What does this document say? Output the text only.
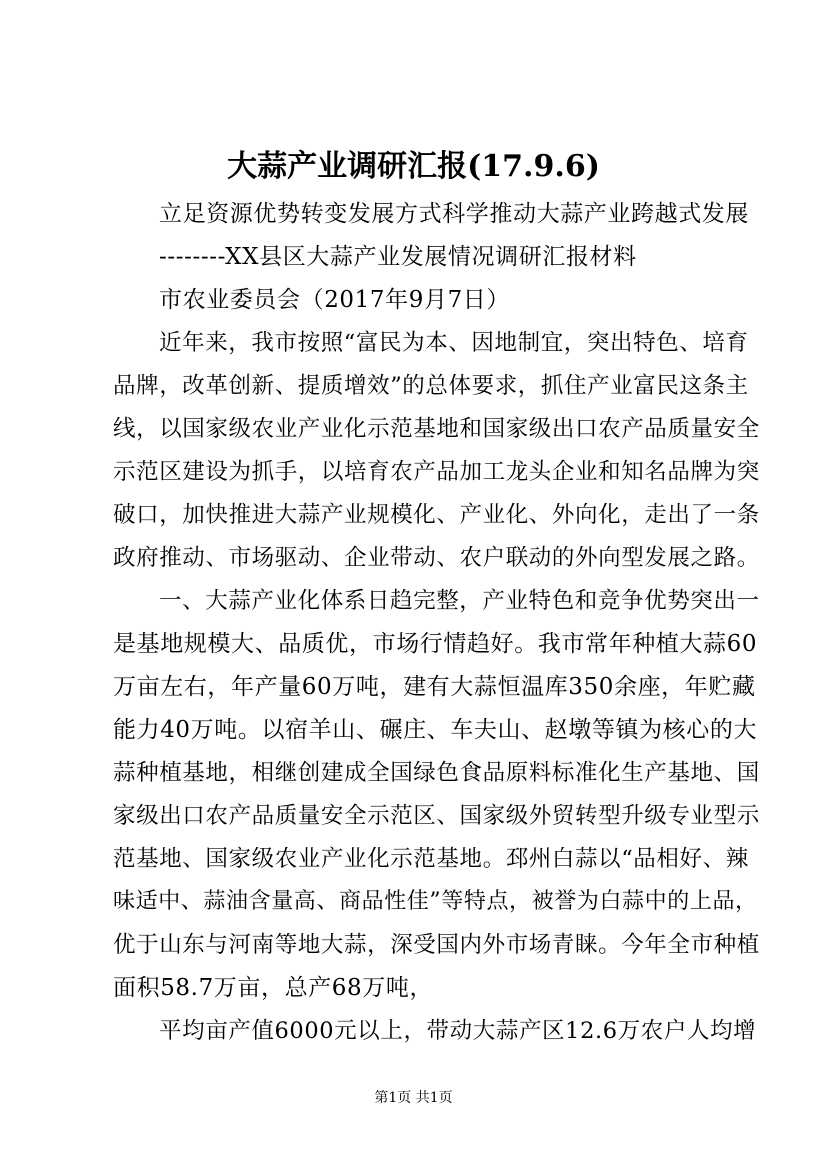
大蒜产业调研汇报(17.9.6)
立足资源优势转变发展方式科学推动大蒜产业跨越式发展
--------XX县区大蒜产业发展情况调研汇报材料
市农业委员会（2017年9月7日）
近年来，我市按照“富民为本、因地制宜，突出特色、培育
品牌，改革创新、提质增效”的总体要求，抓住产业富民这条主
线，以国家级农业产业化示范基地和国家级出口农产品质量安全
示范区建设为抓手，以培育农产品加工龙头企业和知名品牌为突
破口，加快推进大蒜产业规模化、产业化、外向化，走出了一条
政府推动、市场驱动、企业带动、农户联动的外向型发展之路。
一、大蒜产业化体系日趋完整，产业特色和竞争优势突出一
是基地规模大、品质优，市场行情趋好。我市常年种植大蒜60
万亩左右，年产量60万吨，建有大蒜恒温库350余座，年贮藏
能力40万吨。以宿羊山、碾庄、车夫山、赵墩等镇为核心的大
蒜种植基地，相继创建成全国绿色食品原料标准化生产基地、国
家级出口农产品质量安全示范区、国家级外贸转型升级专业型示
范基地、国家级农业产业化示范基地。邳州白蒜以“品相好、辣
味适中、蒜油含量高、商品性佳”等特点，被誉为白蒜中的上品，
优于山东与河南等地大蒜，深受国内外市场青睐。今年全市种植
面积58.7万亩，总产68万吨，
平均亩产值6000元以上，带动大蒜产区12.6万农户人均增
第1页 共1页
